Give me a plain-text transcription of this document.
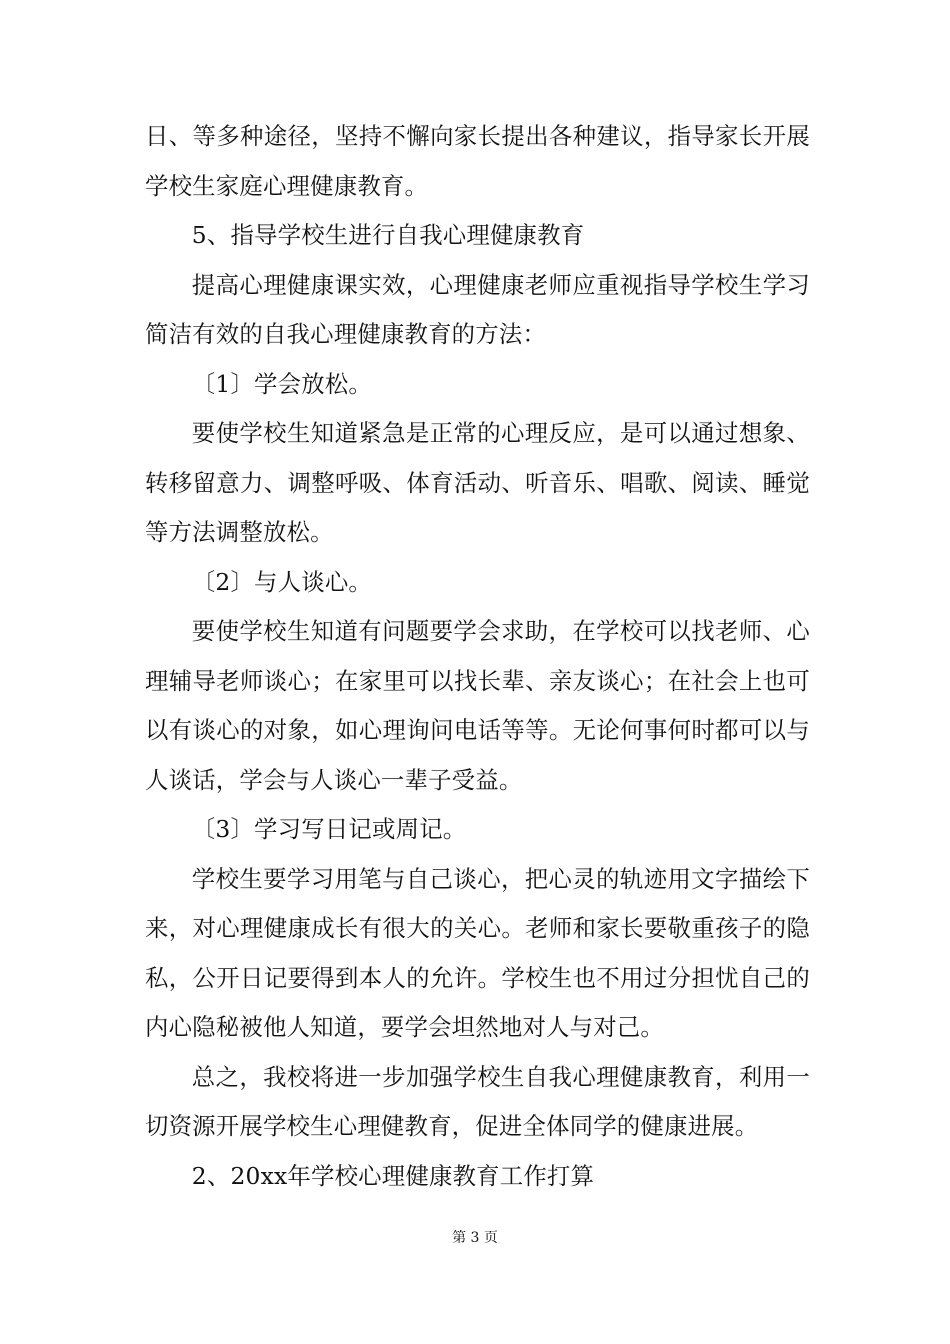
日、等多种途径，坚持不懈向家长提出各种建议，指导家长开展学校生家庭心理健康教育。

5、指导学校生进行自我心理健康教育

提高心理健康课实效，心理健康老师应重视指导学校生学习简洁有效的自我心理健康教育的方法：

〔1〕学会放松。

要使学校生知道紧急是正常的心理反应，是可以通过想象、转移留意力、调整呼吸、体育活动、听音乐、唱歌、阅读、睡觉等方法调整放松。

〔2〕与人谈心。

要使学校生知道有问题要学会求助，在学校可以找老师、心理辅导老师谈心；在家里可以找长辈、亲友谈心；在社会上也可以有谈心的对象，如心理询问电话等等。无论何事何时都可以与人谈话，学会与人谈心一辈子受益。

〔3〕学习写日记或周记。

学校生要学习用笔与自己谈心，把心灵的轨迹用文字描绘下来，对心理健康成长有很大的关心。老师和家长要敬重孩子的隐私，公开日记要得到本人的允许。学校生也不用过分担忧自己的内心隐秘被他人知道，要学会坦然地对人与对己。

总之，我校将进一步加强学校生自我心理健康教育，利用一切资源开展学校生心理健教育，促进全体同学的健康进展。

2、20xx年学校心理健康教育工作打算

第 3 页
